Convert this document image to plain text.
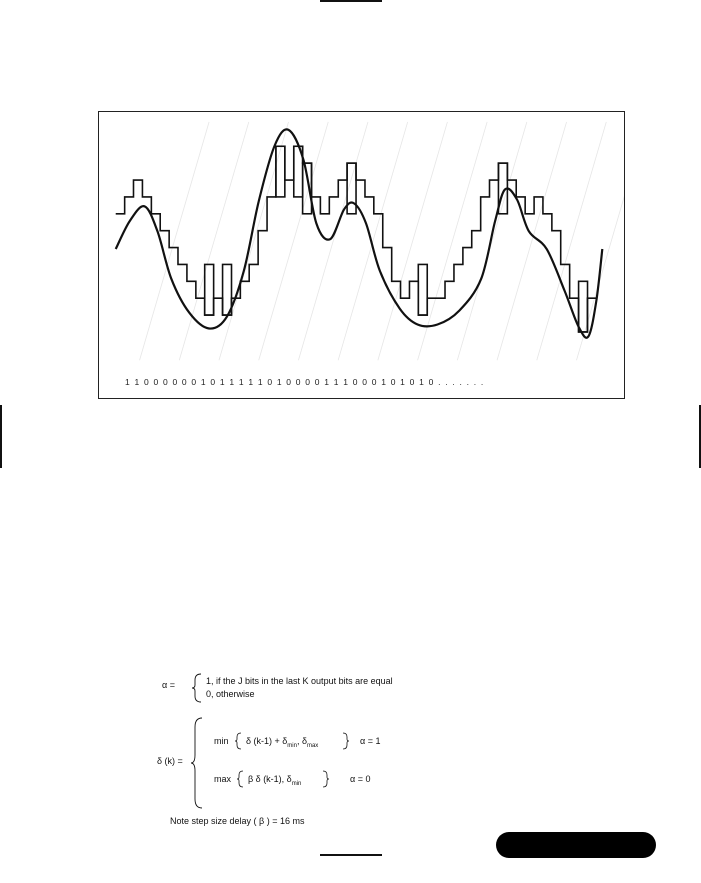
1 1 0 0 0 0 0 0 1 0 1 1 1 1 1 0 1 0 0 0 0 1 1 1 0 0 0 1 0 1 0 1 0 . . . . . . .
α =	1, if the J bits in the last K output bits are equal
0, otherwise
δ (k) =
min δ $(k-1) + \delta_{min}$, $\delta_{max}$	α = 1
max β δ (k-1), $\delta_{min}$	α = 0
Note step size delay ( β ) = 16 ms
